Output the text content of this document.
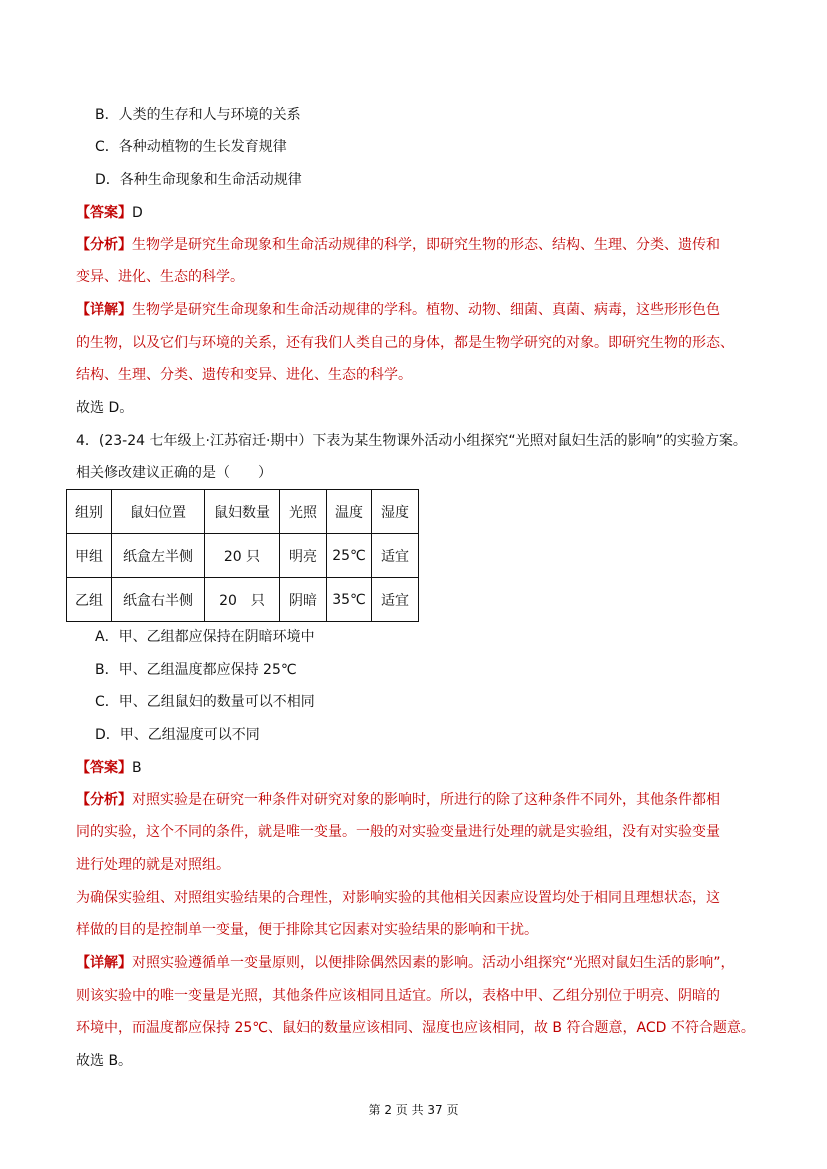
B．人类的生存和人与环境的关系
C．各种动植物的生长发育规律
D．各种生命现象和生命活动规律
【答案】D
【分析】生物学是研究生命现象和生命活动规律的科学，即研究生物的形态、结构、生理、分类、遗传和
变异、进化、生态的科学。
【详解】生物学是研究生命现象和生命活动规律的学科。植物、动物、细菌、真菌、病毒，这些形形色色
的生物，以及它们与环境的关系，还有我们人类自己的身体，都是生物学研究的对象。即研究生物的形态、
结构、生理、分类、遗传和变异、进化、生态的科学。
故选 D。
4．(23-24 七年级上·江苏宿迁·期中）下表为某生物课外活动小组探究“光照对鼠妇生活的影响”的实验方案。
相关修改建议正确的是（　　）
组别	鼠妇位置	鼠妇数量	光照	温度	湿度
甲组	纸盒左半侧	20 只	明亮	25℃	适宜
乙组	纸盒右半侧	20　只	阴暗	35℃	适宜
A．甲、乙组都应保持在阴暗环境中
B．甲、乙组温度都应保持 25℃
C．甲、乙组鼠妇的数量可以不相同
D．甲、乙组湿度可以不同
【答案】B
【分析】对照实验是在研究一种条件对研究对象的影响时，所进行的除了这种条件不同外，其他条件都相
同的实验，这个不同的条件，就是唯一变量。一般的对实验变量进行处理的就是实验组，没有对实验变量
进行处理的就是对照组。
为确保实验组、对照组实验结果的合理性，对影响实验的其他相关因素应设置均处于相同且理想状态，这
样做的目的是控制单一变量，便于排除其它因素对实验结果的影响和干扰。
【详解】对照实验遵循单一变量原则，以便排除偶然因素的影响。活动小组探究“光照对鼠妇生活的影响”，
则该实验中的唯一变量是光照，其他条件应该相同且适宜。所以，表格中甲、乙组分别位于明亮、阴暗的
环境中，而温度都应保持 25℃、鼠妇的数量应该相同、湿度也应该相同，故 B 符合题意，ACD 不符合题意。
故选 B。
第 2 页 共 37 页
